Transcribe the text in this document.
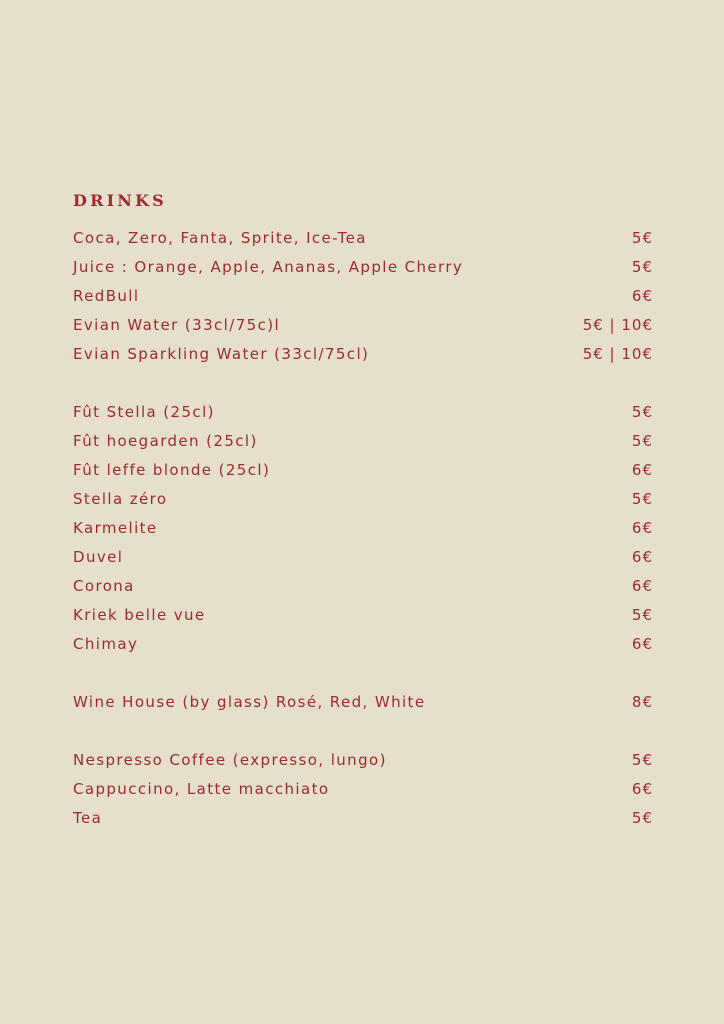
DRINKS
Coca, Zero, Fanta, Sprite, Ice-Tea	5€
Juice : Orange, Apple, Ananas, Apple Cherry	5€
RedBull	6€
Evian Water (33cl/75c)l	5€ | 10€
Evian Sparkling Water (33cl/75cl)	5€ | 10€
Fût Stella (25cl)	5€
Fût hoegarden (25cl)	5€
Fût leffe blonde (25cl)	6€
Stella zéro	5€
Karmelite	6€
Duvel	6€
Corona	6€
Kriek belle vue	5€
Chimay	6€
Wine House (by glass) Rosé, Red, White	8€
Nespresso Coffee (expresso, lungo)	5€
Cappuccino, Latte macchiato	6€
Tea	5€
